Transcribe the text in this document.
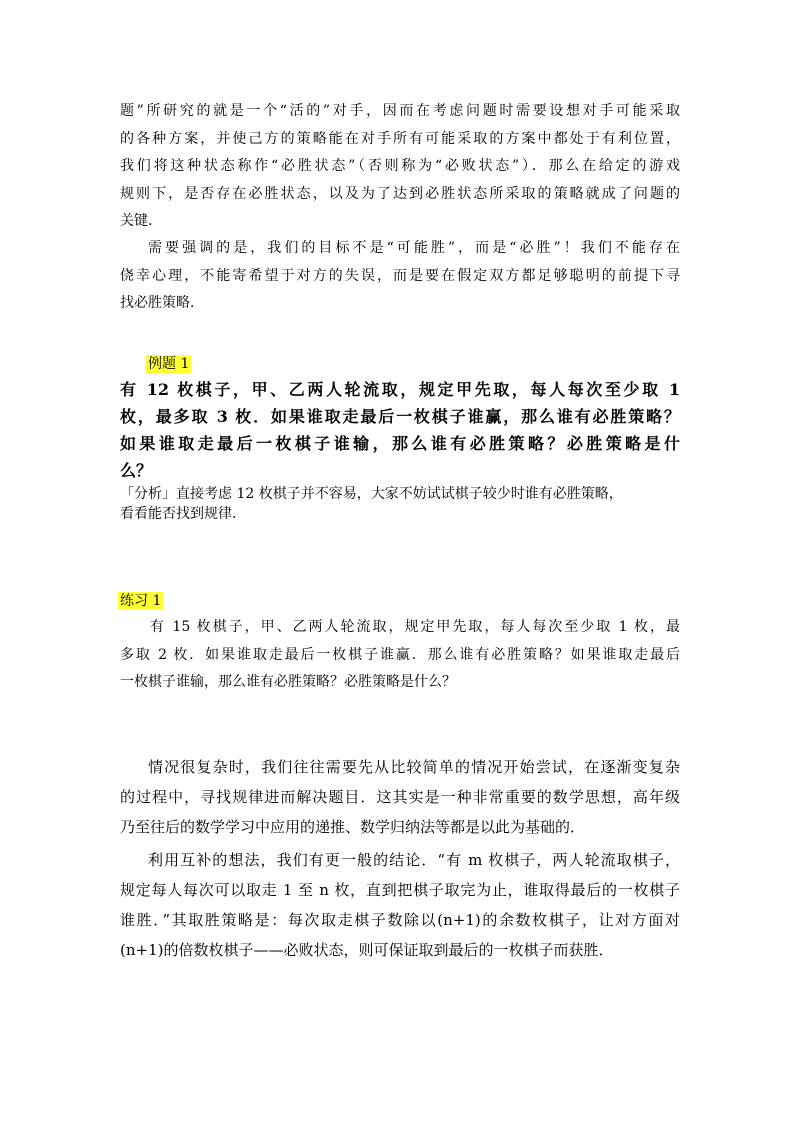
题”所研究的就是一个“活的”对手，因而在考虑问题时需要设想对手可能采取

的各种方案，并使己方的策略能在对手所有可能采取的方案中都处于有利位置，

我们将这种状态称作“必胜状态”（否则称为“必败状态”）．那么在给定的游戏

规则下，是否存在必胜状态，以及为了达到必胜状态所采取的策略就成了问题的

关键．

需要强调的是，我们的目标不是“可能胜”，而是“必胜”！我们不能存在

侥幸心理，不能寄希望于对方的失误，而是要在假定双方都足够聪明的前提下寻

找必胜策略．

例题 1

有 12 枚棋子，甲、乙两人轮流取，规定甲先取，每人每次至少取 1

枚，最多取 3 枚．如果谁取走最后一枚棋子谁赢，那么谁有必胜策略？

如果谁取走最后一枚棋子谁输，那么谁有必胜策略？必胜策略是什

么？

「分析」直接考虑 12 枚棋子并不容易，大家不妨试试棋子较少时谁有必胜策略，

看看能否找到规律．

练习 1

有 15 枚棋子，甲、乙两人轮流取，规定甲先取，每人每次至少取 1 枚，最

多取 2 枚．如果谁取走最后一枚棋子谁赢．那么谁有必胜策略？如果谁取走最后

一枚棋子谁输，那么谁有必胜策略？必胜策略是什么？

情况很复杂时，我们往往需要先从比较简单的情况开始尝试，在逐渐变复杂

的过程中，寻找规律进而解决题目．这其实是一种非常重要的数学思想，高年级

乃至往后的数学学习中应用的递推、数学归纳法等都是以此为基础的．

利用互补的想法，我们有更一般的结论．“有 m 枚棋子，两人轮流取棋子，

规定每人每次可以取走 1 至 n 枚，直到把棋子取完为止，谁取得最后的一枚棋子

谁胜．”其取胜策略是：每次取走棋子数除以(n+1)的余数枚棋子，让对方面对

(n+1)的倍数枚棋子——必败状态，则可保证取到最后的一枚棋子而获胜．
